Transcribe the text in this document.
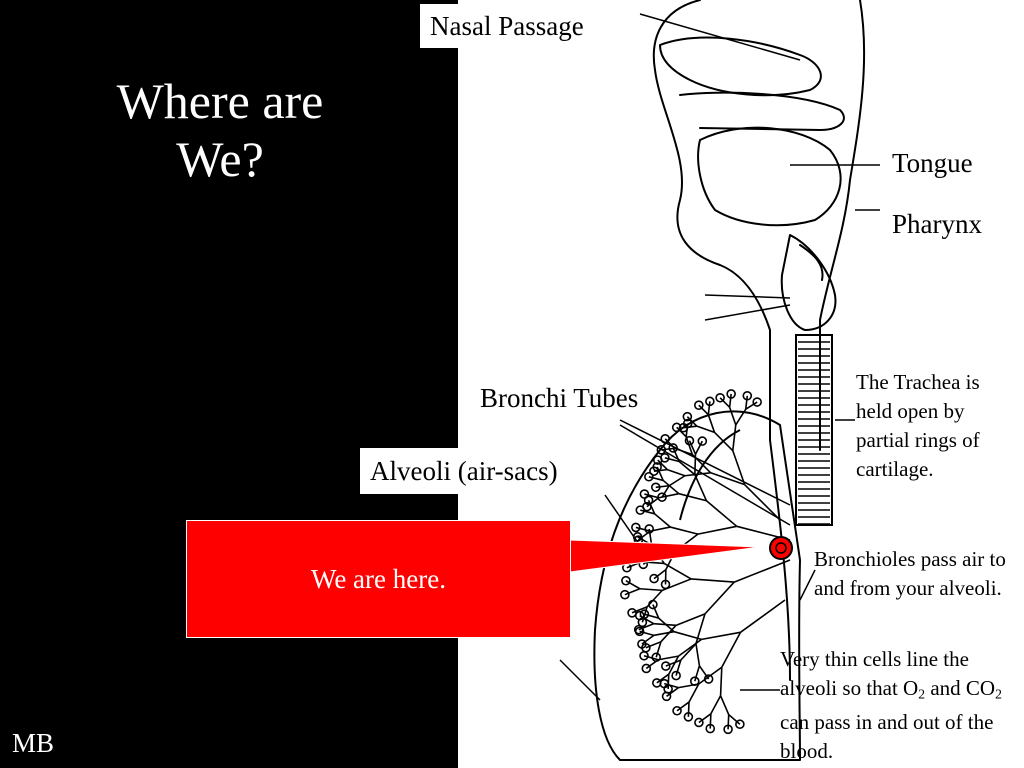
Where are
We?
Nasal Passage
Tongue
Pharynx
Bronchi Tubes
Alveoli (air-sacs)
The Trachea is held open by partial rings of cartilage.
Bronchioles pass air to and from your alveoli.
Very thin cells line the alveoli so that $O_2$ and $CO_2$ can pass in and out of the blood.
We are here.
MB
